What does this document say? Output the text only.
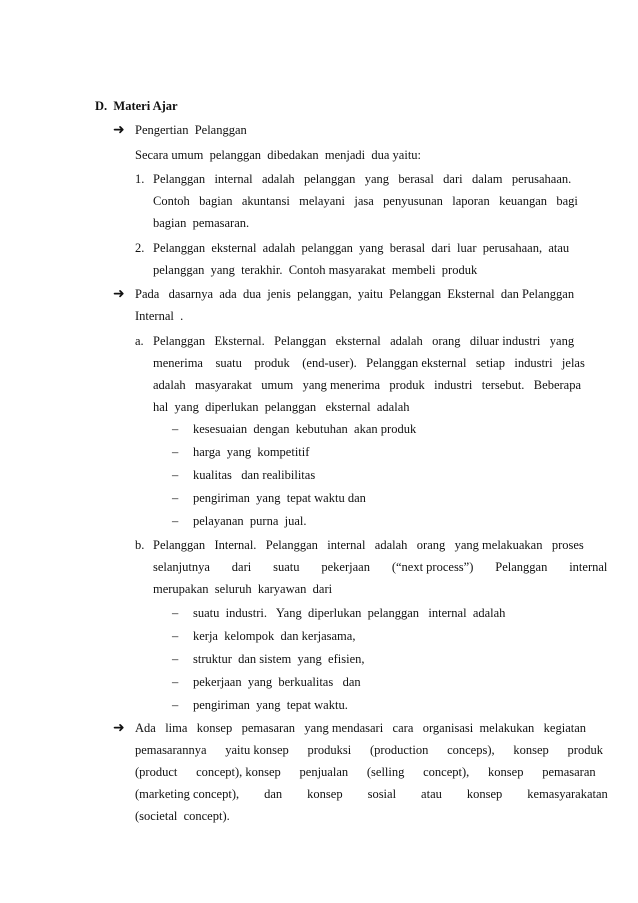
D.  Materi Ajar
➜ Pengertian  Pelanggan
Secara umum  pelanggan  dibedakan  menjadi  dua yaitu:
1. Pelanggan   internal   adalah   pelanggan   yang   berasal   dari   dalam   perusahaan.
Contoh   bagian   akuntansi   melayani   jasa   penyusunan   laporan   keuangan   bagi
bagian  pemasaran.
2. Pelanggan  eksternal  adalah  pelanggan  yang  berasal  dari  luar  perusahaan,  atau
pelanggan  yang  terakhir.  Contoh masyarakat  membeli  produk
➜ Pada   dasarnya  ada  dua  jenis  pelanggan,  yaitu  Pelanggan  Eksternal  dan Pelanggan
Internal  .
a. Pelanggan   Eksternal.   Pelanggan   eksternal   adalah   orang   diluar industri   yang
menerima    suatu    produk    (end-user).   Pelanggan eksternal   setiap   industri   jelas
adalah   masyarakat   umum   yang menerima   produk   industri   tersebut.   Beberapa
hal  yang  diperlukan  pelanggan   eksternal  adalah
– kesesuaian  dengan  kebutuhan  akan produk
– harga  yang  kompetitif
– kualitas   dan realibilitas
– pengiriman  yang  tepat waktu dan
– pelayanan  purna  jual.
b. Pelanggan   Internal.   Pelanggan   internal   adalah   orang   yang melakuakan   proses
selanjutnya       dari       suatu       pekerjaan       (“next process”)       Pelanggan       internal
merupakan  seluruh  karyawan  dari
– suatu  industri.   Yang  diperlukan  pelanggan   internal  adalah
– kerja  kelompok  dan kerjasama,
– struktur  dan sistem  yang  efisien,
– pekerjaan  yang  berkualitas   dan
– pengiriman  yang  tepat waktu.
➜ Ada   lima   konsep   pemasaran   yang mendasari   cara   organisasi  melakukan   kegiatan
pemasarannya      yaitu konsep      produksi      (production      conceps),      konsep      produk
(product      concept), konsep      penjualan      (selling      concept),      konsep      pemasaran
(marketing concept),        dan        konsep        sosial        atau        konsep        kemasyarakatan
(societal  concept).
